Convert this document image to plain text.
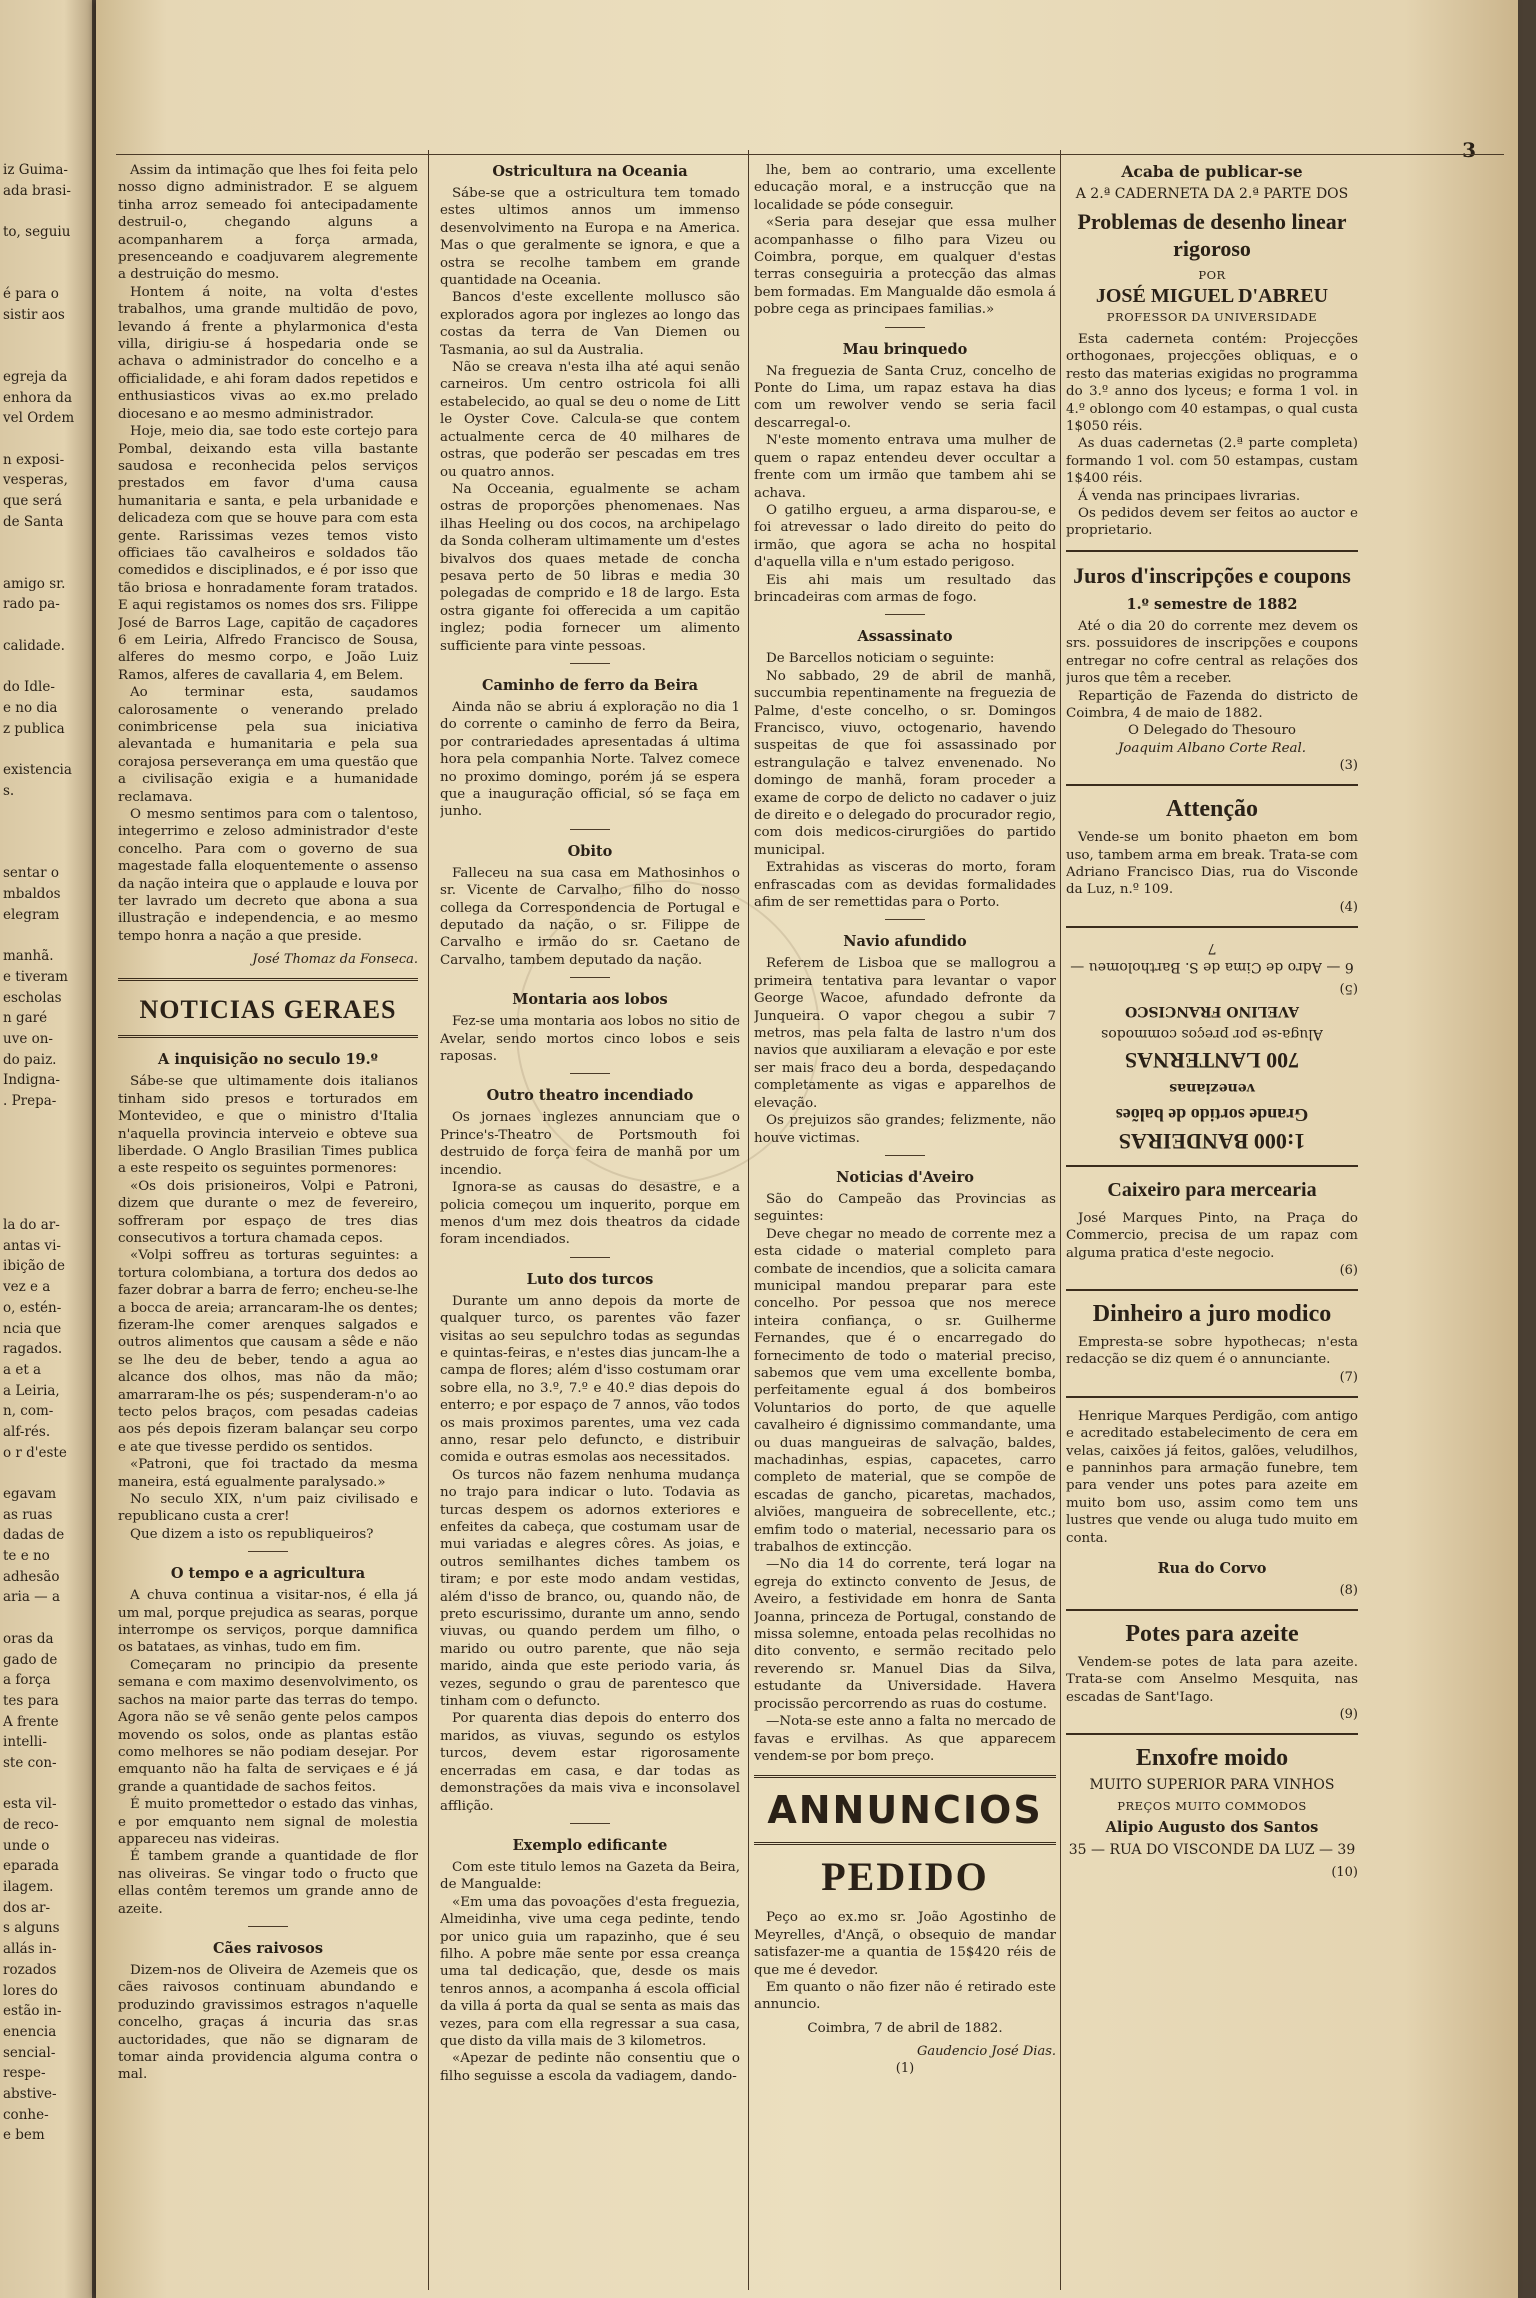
iz Guima-
ada brasi-
to, seguiu
é para o
sistir aos
egreja da
enhora da
vel Ordem
n exposi-
vesperas,
que será
de Santa
amigo sr.
rado pa-
calidade.
do Idle-
e no dia
z publica
existencia
s.
sentar o
mbaldos
elegram
manhã.
e tiveram
escholas
n garé
uve on-
do paiz.
Indigna-
. Prepa-
la do ar-
antas vi-
ibição de
vez e a
o, estén-
ncia que
ragados.
a et a
a Leiria,
n, com-
alf-rés.
o r d'este
egavam
as ruas
dadas de
te e no
adhesão
aria — a
oras da
gado de
a força
tes para
A frente
intelli-
ste con-
esta vil-
de reco-
unde o
eparada
ilagem.
dos ar-
s alguns
allás in-
rozados
lores do
estão in-
enencia
sencial-
respe-
abstive-
conhe-
e bem
3

Assim da intimação que lhes foi feita pelo nosso digno administrador. E se alguem tinha arroz semeado foi antecipadamente destruil-o, chegando alguns a acompanharem a força armada, presenceando e coadjuvarem alegremente a destruição do mesmo.

Hontem á noite, na volta d'estes trabalhos, uma grande multidão de povo, levando á frente a phylarmonica d'esta villa, dirigiu-se á hospedaria onde se achava o administrador do concelho e a officialidade, e ahi foram dados repetidos e enthusiasticos vivas ao ex.mo prelado diocesano e ao mesmo administrador.

Hoje, meio dia, sae todo este cortejo para Pombal, deixando esta villa bastante saudosa e reconhecida pelos serviços prestados em favor d'uma causa humanitaria e santa, e pela urbanidade e delicadeza com que se houve para com esta gente. Rarissimas vezes temos visto officiaes tão cavalheiros e soldados tão comedidos e disciplinados, e é por isso que tão briosa e honradamente foram tratados. E aqui registamos os nomes dos srs. Filippe José de Barros Lage, capitão de caçadores 6 em Leiria, Alfredo Francisco de Sousa, alferes do mesmo corpo, e João Luiz Ramos, alferes de cavallaria 4, em Belem.

Ao terminar esta, saudamos calorosamente o venerando prelado conimbricense pela sua iniciativa alevantada e humanitaria e pela sua corajosa perseverança em uma questão que a civilisação exigia e a humanidade reclamava.

O mesmo sentimos para com o talentoso, integerrimo e zeloso administrador d'este concelho. Para com o governo de sua magestade falla eloquentemente o assenso da nação inteira que o applaude e louva por ter lavrado um decreto que abona a sua illustração e independencia, e ao mesmo tempo honra a nação a que preside.

José Thomaz da Fonseca.
NOTICIAS GERAES
A inquisição no seculo 19.º

Sábe-se que ultimamente dois italianos tinham sido presos e torturados em Montevideo, e que o ministro d'Italia n'aquella provincia interveio e obteve sua liberdade. O Anglo Brasilian Times publica a este respeito os seguintes pormenores:

«Os dois prisioneiros, Volpi e Patroni, dizem que durante o mez de fevereiro, soffreram por espaço de tres dias consecutivos a tortura chamada cepos.

«Volpi soffreu as torturas seguintes: a tortura colombiana, a tortura dos dedos ao fazer dobrar a barra de ferro; encheu-se-lhe a bocca de areia; arrancaram-lhe os dentes; fizeram-lhe comer arenques salgados e outros alimentos que causam a sêde e não se lhe deu de beber, tendo a agua ao alcance dos olhos, mas não da mão; amarraram-lhe os pés; suspenderam-n'o ao tecto pelos braços, com pesadas cadeias aos pés depois fizeram balançar seu corpo e ate que tivesse perdido os sentidos.

«Patroni, que foi tractado da mesma maneira, está egualmente paralysado.»

No seculo XIX, n'um paiz civilisado e republicano custa a crer!

Que dizem a isto os republiqueiros?

O tempo e a agricultura

A chuva continua a visitar-nos, é ella já um mal, porque prejudica as searas, porque interrompe os serviços, porque damnifica os batataes, as vinhas, tudo em fim.

Começaram no principio da presente semana e com maximo desenvolvimento, os sachos na maior parte das terras do tempo. Agora não se vê senão gente pelos campos movendo os solos, onde as plantas estão como melhores se não podiam desejar. Por emquanto não ha falta de serviçaes e é já grande a quantidade de sachos feitos.

É muito promettedor o estado das vinhas, e por emquanto nem signal de molestia appareceu nas videiras.

É tambem grande a quantidade de flor nas oliveiras. Se vingar todo o fructo que ellas contêm teremos um grande anno de azeite.

Cães raivosos

Dizem-nos de Oliveira de Azemeis que os cães raivosos continuam abundando e produzindo gravissimos estragos n'aquelle concelho, graças á incuria das sr.as auctoridades, que não se dignaram de tomar ainda providencia alguma contra o mal.

Ostricultura na Oceania

Sábe-se que a ostricultura tem tomado estes ultimos annos um immenso desenvolvimento na Europa e na America. Mas o que geralmente se ignora, e que a ostra se recolhe tambem em grande quantidade na Oceania.

Bancos d'este excellente mollusco são explorados agora por inglezes ao longo das costas da terra de Van Diemen ou Tasmania, ao sul da Australia.

Não se creava n'esta ilha até aqui senão carneiros. Um centro ostricola foi alli estabelecido, ao qual se deu o nome de Litt le Oyster Cove. Calcula-se que contem actualmente cerca de 40 milhares de ostras, que poderão ser pescadas em tres ou quatro annos.

Na Occeania, egualmente se acham ostras de proporções phenomenaes. Nas ilhas Heeling ou dos cocos, na archipelago da Sonda colheram ultimamente um d'estes bivalvos dos quaes metade de concha pesava perto de 50 libras e media 30 polegadas de comprido e 18 de largo. Esta ostra gigante foi offerecida a um capitão inglez; podia fornecer um alimento sufficiente para vinte pessoas.

Caminho de ferro da Beira

Ainda não se abriu á exploração no dia 1 do corrente o caminho de ferro da Beira, por contrariedades apresentadas á ultima hora pela companhia Norte. Talvez comece no proximo domingo, porém já se espera que a inauguração official, só se faça em junho.

Obito

Falleceu na sua casa em Mathosinhos o sr. Vicente de Carvalho, filho do nosso collega da Correspondencia de Portugal e deputado da nação, o sr. Filippe de Carvalho e irmão do sr. Caetano de Carvalho, tambem deputado da nação.

Montaria aos lobos

Fez-se uma montaria aos lobos no sitio de Avelar, sendo mortos cinco lobos e seis raposas.

Outro theatro incendiado

Os jornaes inglezes annunciam que o Prince's-Theatro de Portsmouth foi destruido de força feira de manhã por um incendio.

Ignora-se as causas do desastre, e a policia começou um inquerito, porque em menos d'um mez dois theatros da cidade foram incendiados.

Luto dos turcos

Durante um anno depois da morte de qualquer turco, os parentes vão fazer visitas ao seu sepulchro todas as segundas e quintas-feiras, e n'estes dias juncam-lhe a campa de flores; além d'isso costumam orar sobre ella, no 3.º, 7.º e 40.º dias depois do enterro; e por espaço de 7 annos, vão todos os mais proximos parentes, uma vez cada anno, resar pelo defuncto, e distribuir comida e outras esmolas aos necessitados.

Os turcos não fazem nenhuma mudança no trajo para indicar o luto. Todavia as turcas despem os adornos exteriores e enfeites da cabeça, que costumam usar de mui variadas e alegres côres. As joias, e outros semilhantes diches tambem os tiram; e por este modo andam vestidas, além d'isso de branco, ou, quando não, de preto escurissimo, durante um anno, sendo viuvas, ou quando perdem um filho, o marido ou outro parente, que não seja marido, ainda que este periodo varia, ás vezes, segundo o grau de parentesco que tinham com o defuncto.

Por quarenta dias depois do enterro dos maridos, as viuvas, segundo os estylos turcos, devem estar rigorosamente encerradas em casa, e dar todas as demonstrações da mais viva e inconsolavel afflição.

Exemplo edificante

Com este titulo lemos na Gazeta da Beira, de Mangualde:

«Em uma das povoações d'esta freguezia, Almeidinha, vive uma cega pedinte, tendo por unico guia um rapazinho, que é seu filho. A pobre mãe sente por essa creança uma tal dedicação, que, desde os mais tenros annos, a acompanha á escola official da villa á porta da qual se senta as mais das vezes, para com ella regressar a sua casa, que disto da villa mais de 3 kilometros.

«Apezar de pedinte não consentiu que o filho seguisse a escola da vadiagem, dando-

lhe, bem ao contrario, uma excellente educação moral, e a instrucção que na localidade se póde conseguir.

«Seria para desejar que essa mulher acompanhasse o filho para Vizeu ou Coimbra, porque, em qualquer d'estas terras conseguiria a protecção das almas bem formadas. Em Mangualde dão esmola á pobre cega as principaes familias.»

Mau brinquedo

Na freguezia de Santa Cruz, concelho de Ponte do Lima, um rapaz estava ha dias com um rewolver vendo se seria facil descarregal-o.

N'este momento entrava uma mulher de quem o rapaz entendeu dever occultar a frente com um irmão que tambem ahi se achava.

O gatilho ergueu, a arma disparou-se, e foi atrevessar o lado direito do peito do irmão, que agora se acha no hospital d'aquella villa e n'um estado perigoso.

Eis ahi mais um resultado das brincadeiras com armas de fogo.

Assassinato

De Barcellos noticiam o seguinte:

No sabbado, 29 de abril de manhã, succumbia repentinamente na freguezia de Palme, d'este concelho, o sr. Domingos Francisco, viuvo, octogenario, havendo suspeitas de que foi assassinado por estrangulação e talvez envenenado. No domingo de manhã, foram proceder a exame de corpo de delicto no cadaver o juiz de direito e o delegado do procurador regio, com dois medicos-cirurgiões do partido municipal.

Extrahidas as visceras do morto, foram enfrascadas com as devidas formalidades afim de ser remettidas para o Porto.

Navio afundido

Referem de Lisboa que se mallogrou a primeira tentativa para levantar o vapor George Wacoe, afundado defronte da Junqueira. O vapor chegou a subir 7 metros, mas pela falta de lastro n'um dos navios que auxiliaram a elevação e por este ser mais fraco deu a borda, despedaçando completamente as vigas e apparelhos de elevação.

Os prejuizos são grandes; felizmente, não houve victimas.

Noticias d'Aveiro

São do Campeão das Provincias as seguintes:

Deve chegar no meado de corrente mez a esta cidade o material completo para combate de incendios, que a solicita camara municipal mandou preparar para este concelho. Por pessoa que nos merece inteira confiança, o sr. Guilherme Fernandes, que é o encarregado do fornecimento de todo o material preciso, sabemos que vem uma excellente bomba, perfeitamente egual á dos bombeiros Voluntarios do porto, de que aquelle cavalheiro é dignissimo commandante, uma ou duas mangueiras de salvação, baldes, machadinhas, espias, capacetes, carro completo de material, que se compõe de escadas de gancho, picaretas, machados, alviões, mangueira de sobrecellente, etc.; emfim todo o material, necessario para os trabalhos de extincção.

—No dia 14 do corrente, terá logar na egreja do extincto convento de Jesus, de Aveiro, a festividade em honra de Santa Joanna, princeza de Portugal, constando de missa solemne, entoada pelas recolhidas no dito convento, e sermão recitado pelo reverendo sr. Manuel Dias da Silva, estudante da Universidade. Havera procissão percorrendo as ruas do costume.

—Nota-se este anno a falta no mercado de favas e ervilhas. As que apparecem vendem-se por bom preço.

ANNUNCIOS
PEDIDO

Peço ao ex.mo sr. João Agostinho de Meyrelles, d'Ançã, o obsequio de mandar satisfazer-me a quantia de 15$420 réis de que me é devedor.

Em quanto o não fizer não é retirado este annuncio.

Coimbra, 7 de abril de 1882.

Gaudencio José Dias.
(1)
Acaba de publicar-se
A 2.ª CADERNETA DA 2.ª PARTE DOS
Problemas de desenho linear rigoroso
POR
JOSÉ MIGUEL D'ABREU
PROFESSOR DA UNIVERSIDADE

Esta caderneta contém: Projecções orthogonaes, projecções obliquas, e o resto das materias exigidas no programma do 3.º anno dos lyceus; e forma 1 vol. in 4.º oblongo com 40 estampas, o qual custa 1$050 réis.

As duas cadernetas (2.ª parte completa) formando 1 vol. com 50 estampas, custam 1$400 réis.

Á venda nas principaes livrarias.

Os pedidos devem ser feitos ao auctor e proprietario.

Juros d'inscripções e coupons
1.º semestre de 1882

Até o dia 20 do corrente mez devem os srs. possuidores de inscripções e coupons entregar no cofre central as relações dos juros que têm a receber.

Repartição de Fazenda do districto de Coimbra, 4 de maio de 1882.

O Delegado do Thesouro

Joaquim Albano Corte Real.

(3)
Attenção

Vende-se um bonito phaeton em bom uso, tambem arma em break. Trata-se com Adriano Francisco Dias, rua do Visconde da Luz, n.º 109.

(4)
1:000 BANDEIRAS
Grande sortido de balões
venezianas
700 LANTERNAS
Aluga-se por preços commodos
AVELINO FRANCISCO
(5)
6 — Adro de Cima de S. Bartholomeu — 7
Caixeiro para mercearia

José Marques Pinto, na Praça do Commercio, precisa de um rapaz com alguma pratica d'este negocio.

(6)
Dinheiro a juro modico

Empresta-se sobre hypothecas; n'esta redacção se diz quem é o annunciante.

(7)

Henrique Marques Perdigão, com antigo e acreditado estabelecimento de cera em velas, caixões já feitos, galões, veludilhos, e panninhos para armação funebre, tem para vender uns potes para azeite em muito bom uso, assim como tem uns lustres que vende ou aluga tudo muito em conta.

Rua do Corvo
(8)
Potes para azeite

Vendem-se potes de lata para azeite. Trata-se com Anselmo Mesquita, nas escadas de Sant'Iago.

(9)
Enxofre moido
MUITO SUPERIOR PARA VINHOS
PREÇOS MUITO COMMODOS
Alipio Augusto dos Santos
35 — RUA DO VISCONDE DA LUZ — 39
(10)
